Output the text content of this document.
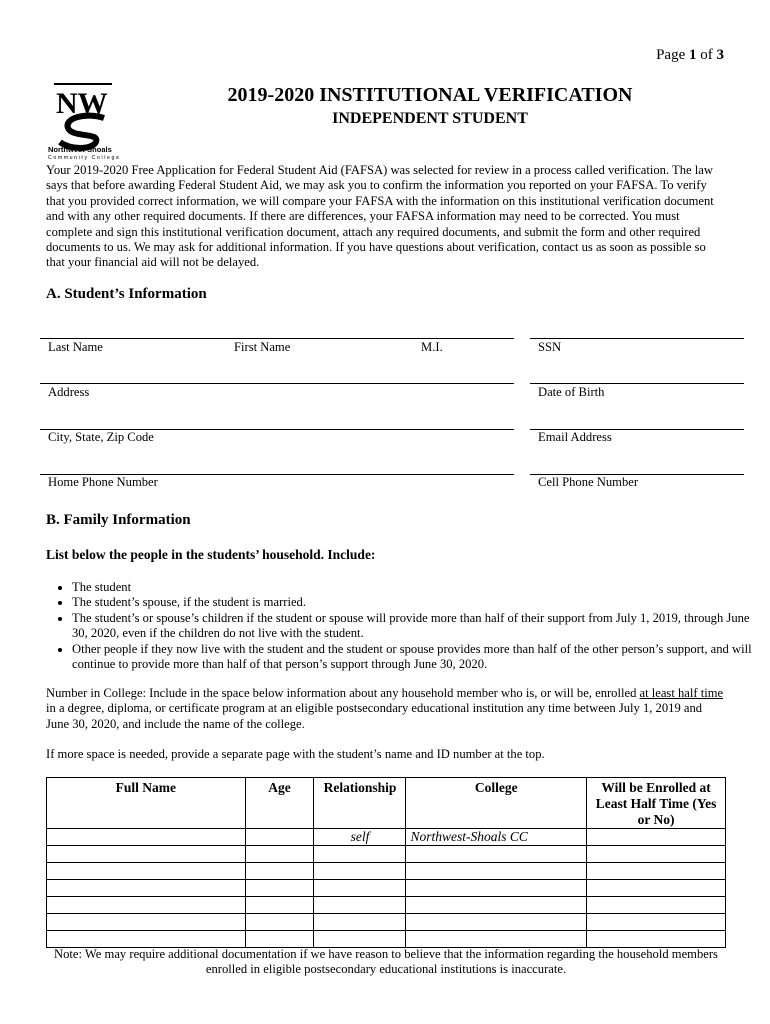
Page 1 of 3
NW
Northwest-Shoals
Community College
2019-2020 INSTITUTIONAL VERIFICATION
INDEPENDENT STUDENT
Your 2019-2020 Free Application for Federal Student Aid (FAFSA) was selected for review in a process called verification. The law says that before awarding Federal Student Aid, we may ask you to confirm the information you reported on your FAFSA. To verify that you provided correct information, we will compare your FAFSA with the information on this institutional verification document and with any other required documents. If there are differences, your FAFSA information may need to be corrected. You must complete and sign this institutional verification document, attach any required documents, and submit the form and other required documents to us. We may ask for additional information. If you have questions about verification, contact us as soon as possible so that your financial aid will not be delayed.
A. Student’s Information
Last Name	First Name	M.I.	SSN
Address	Date of Birth
City, State, Zip Code	Email Address
Home Phone Number	Cell Phone Number
B. Family Information
List below the people in the students’ household. Include:
• The student
• The student’s spouse, if the student is married.
• The student’s or spouse’s children if the student or spouse will provide more than half of their support from July 1, 2019, through June 30, 2020, even if the children do not live with the student.
• Other people if they now live with the student and the student or spouse provides more than half of the other person’s support, and will continue to provide more than half of that person’s support through June 30, 2020.
Number in College: Include in the space below information about any household member who is, or will be, enrolled at least half time in a degree, diploma, or certificate program at an eligible postsecondary educational institution any time between July 1, 2019 and June 30, 2020, and include the name of the college.
If more space is needed, provide a separate page with the student’s name and ID number at the top.
Full Name	Age	Relationship	College	Will be Enrolled at Least Half Time (Yes or No)
		self	Northwest-Shoals CC	

Note: We may require additional documentation if we have reason to believe that the information regarding the household members enrolled in eligible postsecondary educational institutions is inaccurate.
